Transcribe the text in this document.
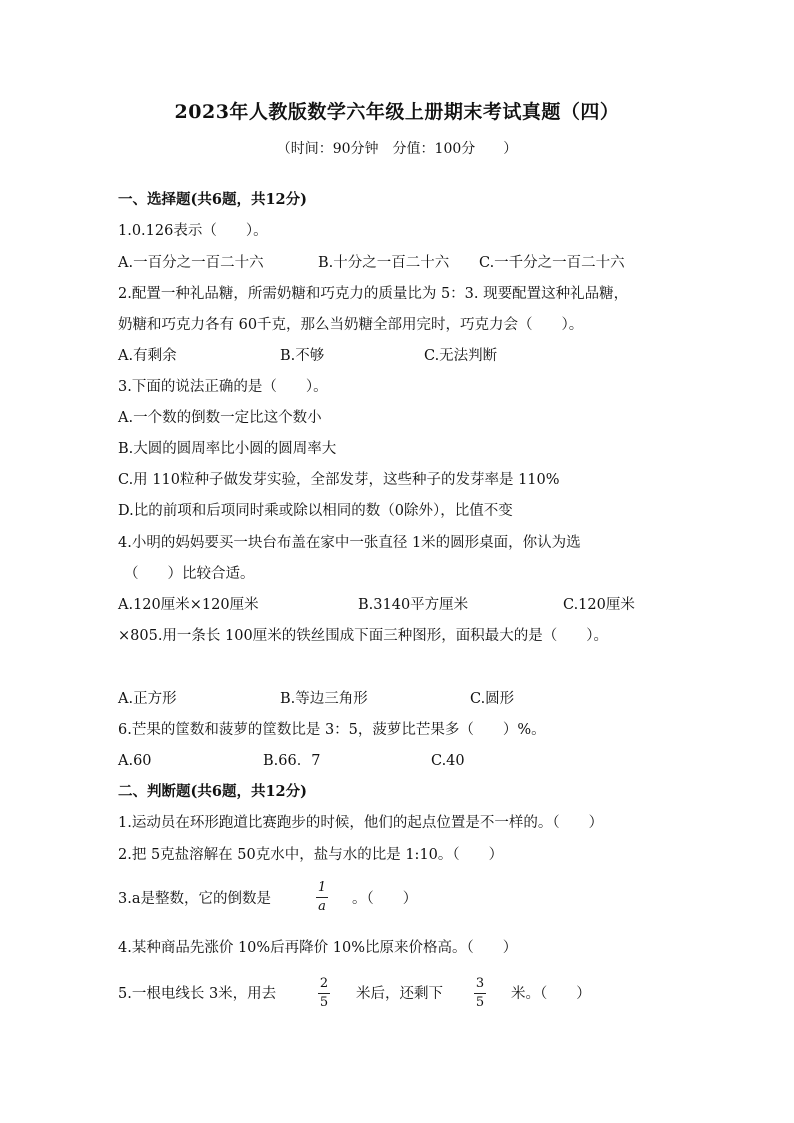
2023年人教版数学六年级上册期末考试真题（四）
（时间：90分钟　分值：100分　　）
一、选择题(共6题，共12分)
1.0.126表示（　　）。
A.一百分之一百二十六	B.十分之一百二十六 C.一千分之一百二十六
2.配置一种礼品糖，所需奶糖和巧克力的质量比为 5：3. 现要配置这种礼品糖，
奶糖和巧克力各有 60千克，那么当奶糖全部用完时，巧克力会（　　）。
A.有剩余	B.不够	C.无法判断
3.下面的说法正确的是（　　）。
A.一个数的倒数一定比这个数小
B.大圆的圆周率比小圆的圆周率大
C.用 110粒种子做发芽实验，全部发芽，这些种子的发芽率是 110%
D.比的前项和后项同时乘或除以相同的数（0除外），比值不变
4.小明的妈妈要买一块台布盖在家中一张直径 1米的圆形桌面，你认为选
（　　）比较合适。
A.120厘米×120厘米	B.3140平方厘米	C.120厘米
×805.用一条长 100厘米的铁丝围成下面三种图形，面积最大的是（　　）。
A.正方形	B.等边三角形	C.圆形
6.芒果的筐数和菠萝的筐数比是 3：5，菠萝比芒果多（　　）%。
A.60	B.66．7	C.40
二、判断题(共6题，共12分)
1.运动员在环形跑道比赛跑步的时候，他们的起点位置是不一样的。（　　）
2.把 5克盐溶解在 50克水中，盐与水的比是 1:10。（　　）
3.a是整数，它的倒数是
1
a 。（　　）
4.某种商品先涨价 10%后再降价 10%比原来价格高。（　　）
5.一根电线长 3米，用去
2
5
米后，还剩下
3
5
米。（　　）
